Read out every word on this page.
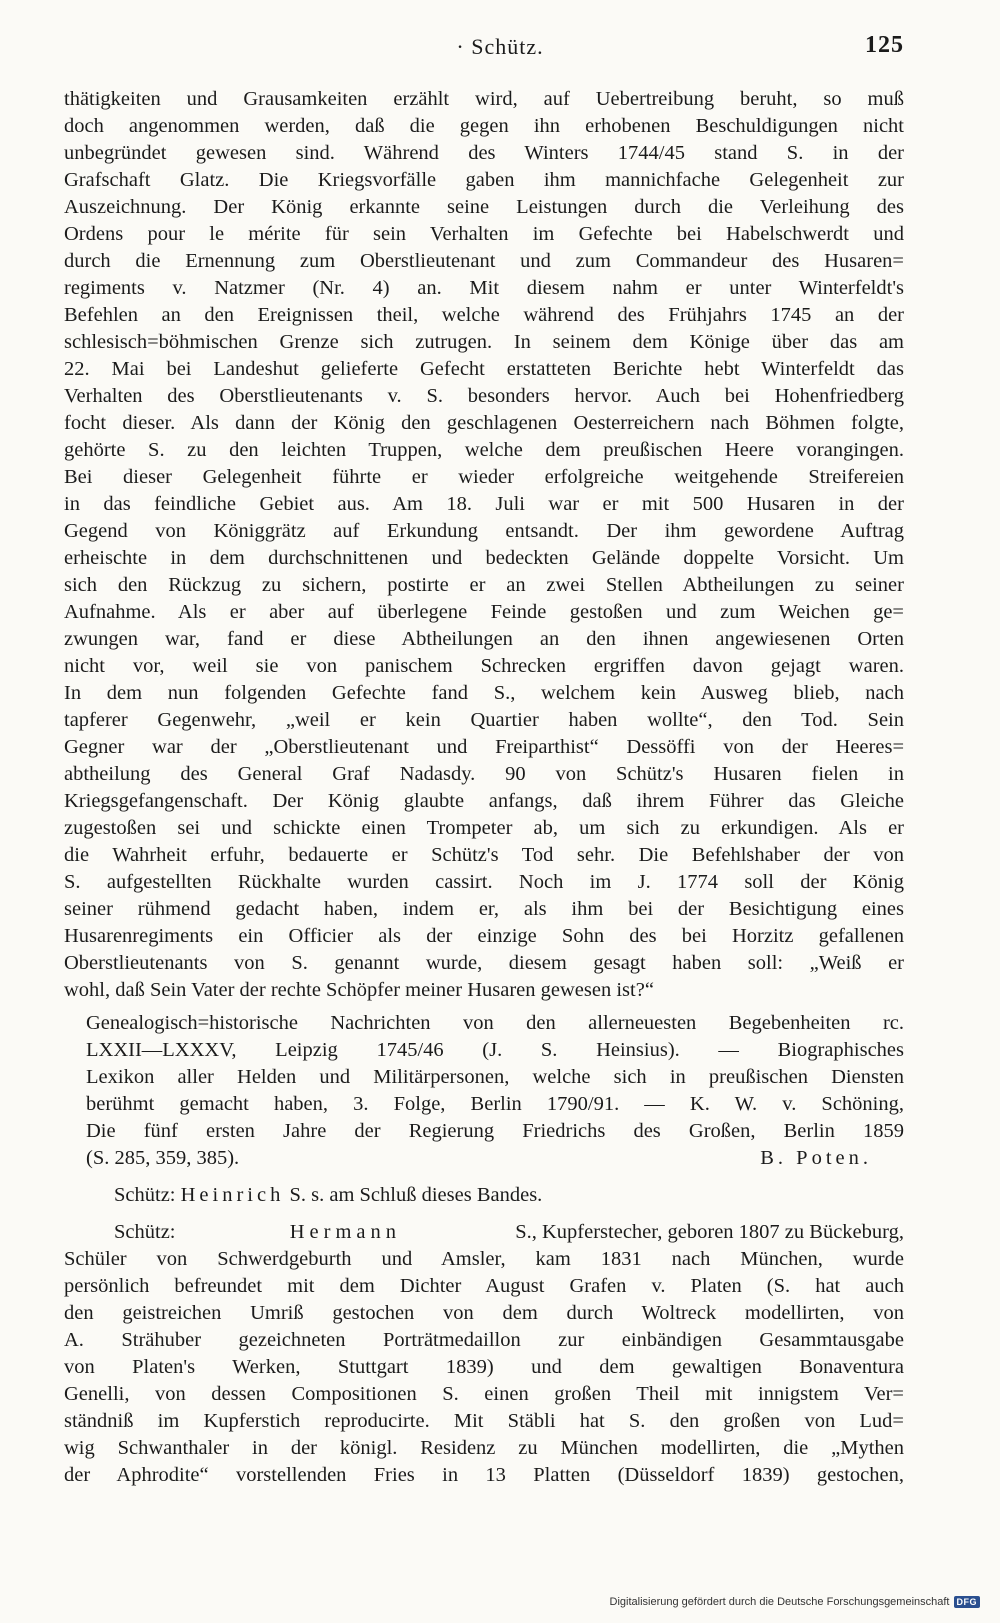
· Schütz.	125
thätigkeiten und Grausamkeiten erzählt wird, auf Uebertreibung beruht, so muß
doch angenommen werden, daß die gegen ihn erhobenen Beschuldigungen nicht
unbegründet gewesen sind. Während des Winters 1744/45 stand S. in der
Grafschaft Glatz. Die Kriegsvorfälle gaben ihm mannichfache Gelegenheit zur
Auszeichnung. Der König erkannte seine Leistungen durch die Verleihung des
Ordens pour le mérite für sein Verhalten im Gefechte bei Habelschwerdt und
durch die Ernennung zum Oberstlieutenant und zum Commandeur des Husaren=
regiments v. Natzmer (Nr. 4) an. Mit diesem nahm er unter Winterfeldt's
Befehlen an den Ereignissen theil, welche während des Frühjahrs 1745 an der
schlesisch=böhmischen Grenze sich zutrugen. In seinem dem Könige über das am
22. Mai bei Landeshut gelieferte Gefecht erstatteten Berichte hebt Winterfeldt das
Verhalten des Oberstlieutenants v. S. besonders hervor. Auch bei Hohenfriedberg
focht dieser. Als dann der König den geschlagenen Oesterreichern nach Böhmen folgte,
gehörte S. zu den leichten Truppen, welche dem preußischen Heere vorangingen.
Bei dieser Gelegenheit führte er wieder erfolgreiche weitgehende Streifereien
in das feindliche Gebiet aus. Am 18. Juli war er mit 500 Husaren in der
Gegend von Königgrätz auf Erkundung entsandt. Der ihm gewordene Auftrag
erheischte in dem durchschnittenen und bedeckten Gelände doppelte Vorsicht. Um
sich den Rückzug zu sichern, postirte er an zwei Stellen Abtheilungen zu seiner
Aufnahme. Als er aber auf überlegene Feinde gestoßen und zum Weichen ge=
zwungen war, fand er diese Abtheilungen an den ihnen angewiesenen Orten
nicht vor, weil sie von panischem Schrecken ergriffen davon gejagt waren.
In dem nun folgenden Gefechte fand S., welchem kein Ausweg blieb, nach
tapferer Gegenwehr, „weil er kein Quartier haben wollte“, den Tod. Sein
Gegner war der „Oberstlieutenant und Freiparthist“ Dessöffi von der Heeres=
abtheilung des General Graf Nadasdy. 90 von Schütz's Husaren fielen in
Kriegsgefangenschaft. Der König glaubte anfangs, daß ihrem Führer das Gleiche
zugestoßen sei und schickte einen Trompeter ab, um sich zu erkundigen. Als er
die Wahrheit erfuhr, bedauerte er Schütz's Tod sehr. Die Befehlshaber der von
S. aufgestellten Rückhalte wurden cassirt. Noch im J. 1774 soll der König
seiner rühmend gedacht haben, indem er, als ihm bei der Besichtigung eines
Husarenregiments ein Officier als der einzige Sohn des bei Horzitz gefallenen
Oberstlieutenants von S. genannt wurde, diesem gesagt haben soll: „Weiß er
wohl, daß Sein Vater der rechte Schöpfer meiner Husaren gewesen ist?“
Genealogisch=historische Nachrichten von den allerneuesten Begebenheiten rc.
LXXII—LXXXV, Leipzig 1745/46 (J. S. Heinsius). — Biographisches
Lexikon aller Helden und Militärpersonen, welche sich in preußischen Diensten
berühmt gemacht haben, 3. Folge, Berlin 1790/91. — K. W. v. Schöning,
Die fünf ersten Jahre der Regierung Friedrichs des Großen, Berlin 1859
(S. 285, 359, 385).	B. Poten.
Schütz: Heinrich S. s. am Schluß dieses Bandes.
Schütz:	Hermann	S., Kupferstecher, geboren 1807 zu Bückeburg,
Schüler von Schwerdgeburth und Amsler, kam 1831 nach München, wurde
persönlich befreundet mit dem Dichter August Grafen v. Platen (S. hat auch
den geistreichen Umriß gestochen von dem durch Woltreck modellirten, von
A. Strähuber gezeichneten Porträtmedaillon zur einbändigen Gesammtausgabe
von Platen's Werken, Stuttgart 1839) und dem gewaltigen Bonaventura
Genelli, von dessen Compositionen S. einen großen Theil mit innigstem Ver=
ständniß im Kupferstich reproducirte. Mit Stäbli hat S. den großen von Lud=
wig Schwanthaler in der königl. Residenz zu München modellirten, die „Mythen
der Aphrodite“ vorstellenden Fries in 13 Platten (Düsseldorf 1839) gestochen,
Digitalisierung gefördert durch die Deutsche Forschungsgemeinschaft DFG
